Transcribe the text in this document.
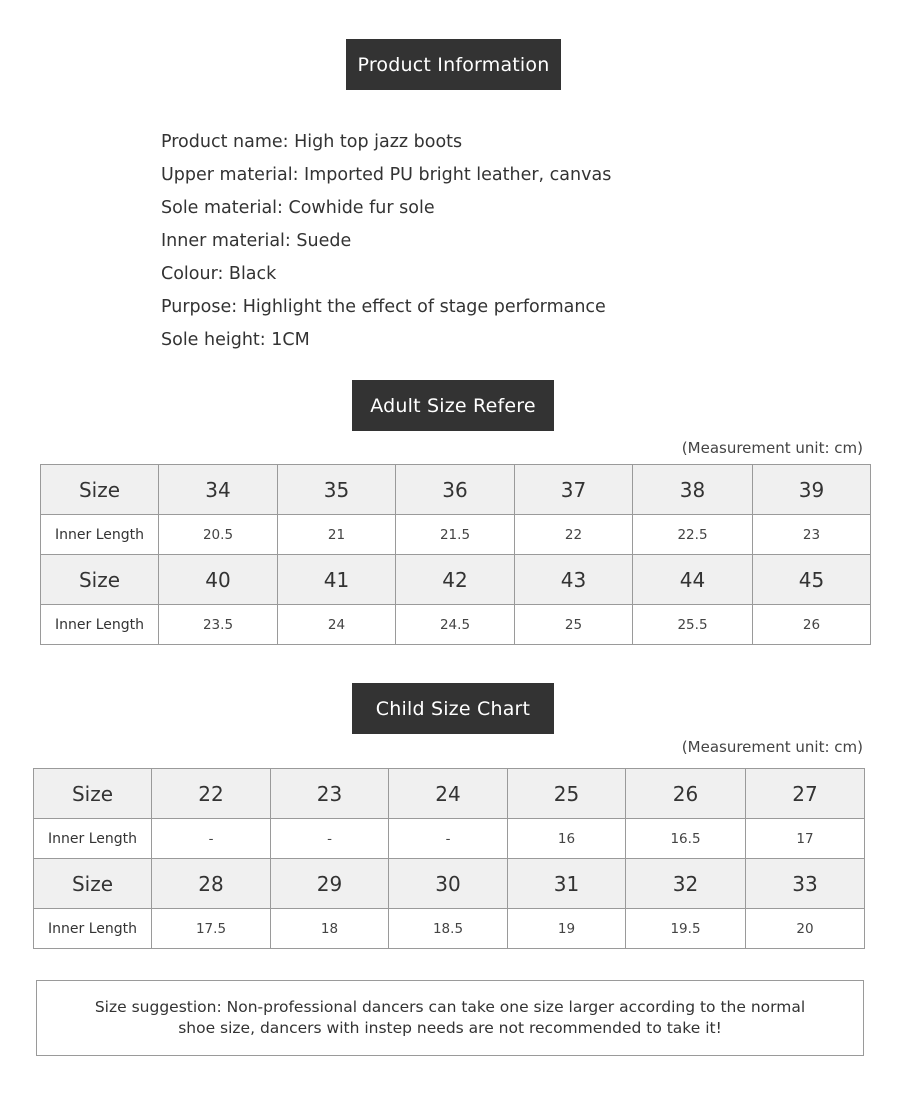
Product Information
Product name: High top jazz boots
Upper material: Imported PU bright leather, canvas
Sole material: Cowhide fur sole
Inner material: Suede
Colour: Black
Purpose: Highlight the effect of stage performance
Sole height: 1CM
Adult Size Refere
(Measurement unit: cm)
Size	34	35	36	37	38	39
Inner Length	20.5	21	21.5	22	22.5	23
Size	40	41	42	43	44	45
Inner Length	23.5	24	24.5	25	25.5	26
Child Size Chart
(Measurement unit: cm)
Size	22	23	24	25	26	27
Inner Length	-	-	-	16	16.5	17
Size	28	29	30	31	32	33
Inner Length	17.5	18	18.5	19	19.5	20
Size suggestion: Non-professional dancers can take one size larger according to the normal
shoe size, dancers with instep needs are not recommended to take it!
